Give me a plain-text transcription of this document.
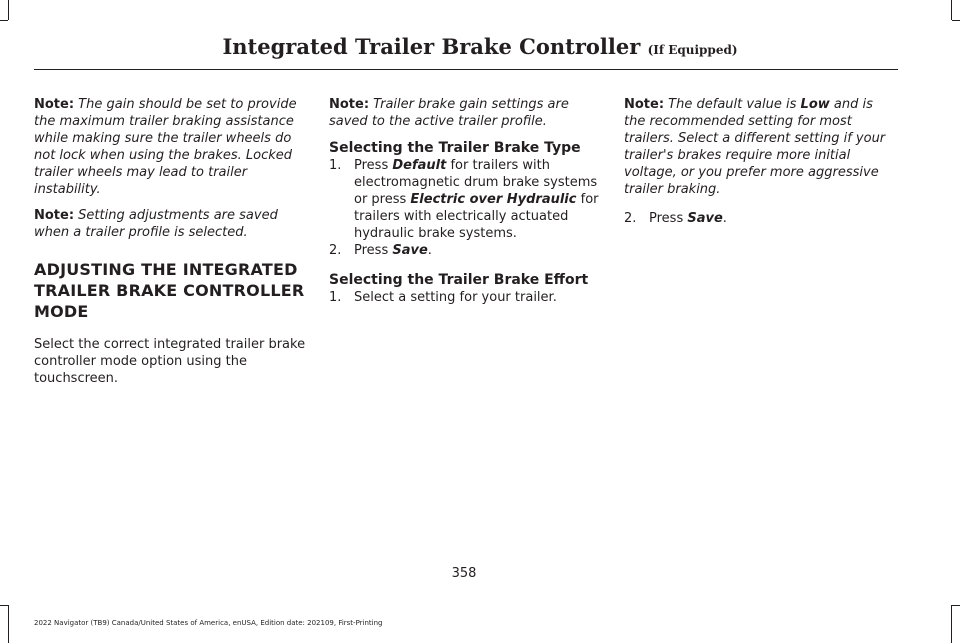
Integrated Trailer Brake Controller (If Equipped)

Note: The gain should be set to provide the maximum trailer braking assistance while making sure the trailer wheels do not lock when using the brakes. Locked trailer wheels may lead to trailer instability.

Note: Setting adjustments are saved when a trailer profile is selected.

ADJUSTING THE INTEGRATED TRAILER BRAKE CONTROLLER MODE

Select the correct integrated trailer brake controller mode option using the touchscreen.

Note: Trailer brake gain settings are saved to the active trailer profile.

Selecting the Trailer Brake Type

1. Press Default for trailers with electromagnetic drum brake systems or press Electric over Hydraulic for trailers with electrically actuated hydraulic brake systems.

2. Press Save.

Selecting the Trailer Brake Effort

1. Select a setting for your trailer.

Note: The default value is Low and is the recommended setting for most trailers. Select a different setting if your trailer's brakes require more initial voltage, or you prefer more aggressive trailer braking.

2. Press Save.

358
2022 Navigator (TB9) Canada/United States of America, enUSA, Edition date: 202109, First-Printing
